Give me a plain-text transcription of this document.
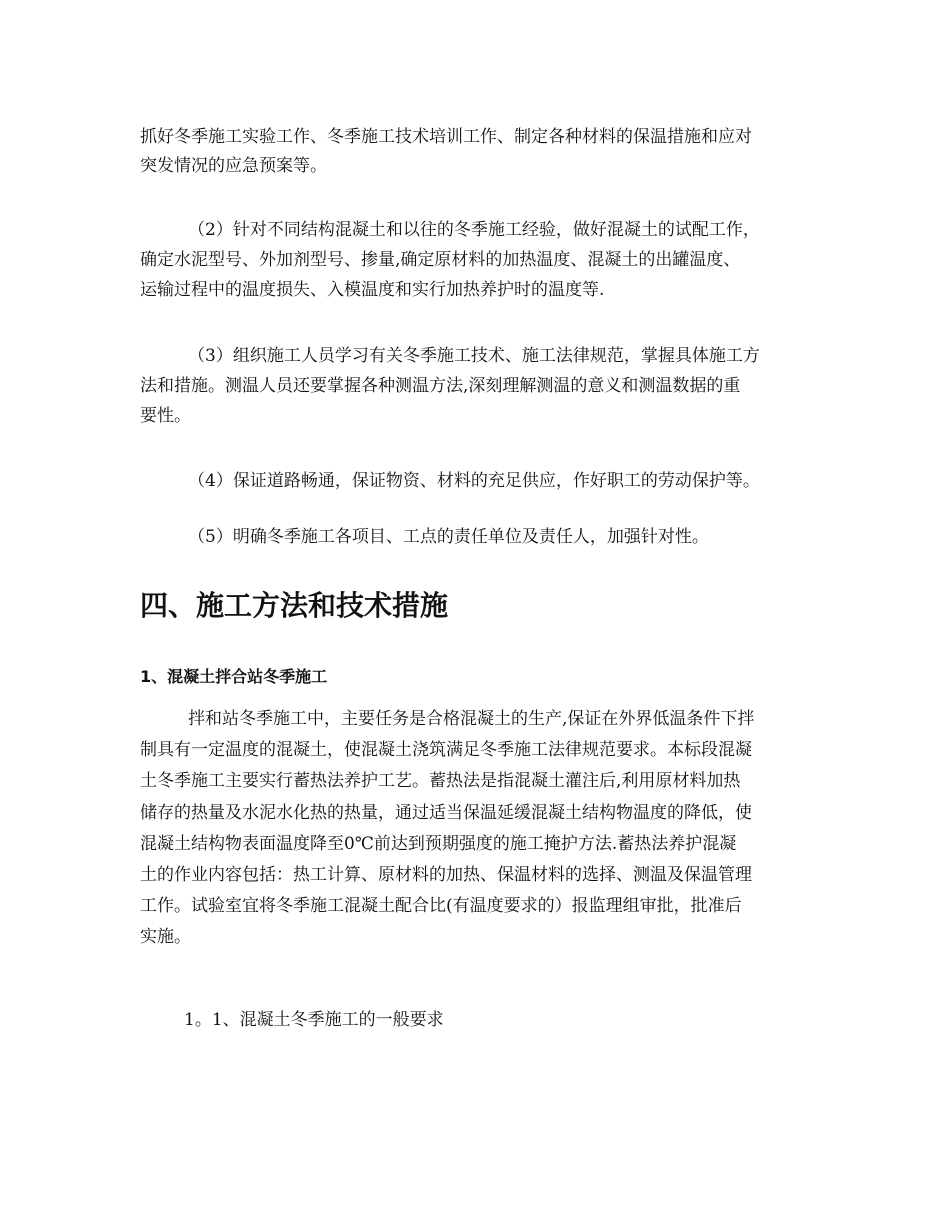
抓好冬季施工实验工作、冬季施工技术培训工作、制定各种材料的保温措施和应对
突发情况的应急预案等。
（2）针对不同结构混凝土和以往的冬季施工经验，做好混凝土的试配工作，
确定水泥型号、外加剂型号、掺量,确定原材料的加热温度、混凝土的出罐温度、
运输过程中的温度损失、入模温度和实行加热养护时的温度等.
（3）组织施工人员学习有关冬季施工技术、施工法律规范，掌握具体施工方
法和措施。测温人员还要掌握各种测温方法,深刻理解测温的意义和测温数据的重
要性。
（4）保证道路畅通，保证物资、材料的充足供应，作好职工的劳动保护等。
（5）明确冬季施工各项目、工点的责任单位及责任人，加强针对性。
四、施工方法和技术措施
1、混凝土拌合站冬季施工
拌和站冬季施工中，主要任务是合格混凝土的生产,保证在外界低温条件下拌
制具有一定温度的混凝土，使混凝土浇筑满足冬季施工法律规范要求。本标段混凝
土冬季施工主要实行蓄热法养护工艺。蓄热法是指混凝土灌注后,利用原材料加热
储存的热量及水泥水化热的热量，通过适当保温延缓混凝土结构物温度的降低，使
混凝土结构物表面温度降至0℃前达到预期强度的施工掩护方法.蓄热法养护混凝
土的作业内容包括：热工计算、原材料的加热、保温材料的选择、测温及保温管理
工作。试验室宜将冬季施工混凝土配合比(有温度要求的）报监理组审批，批准后
实施。
1。1、混凝土冬季施工的一般要求
